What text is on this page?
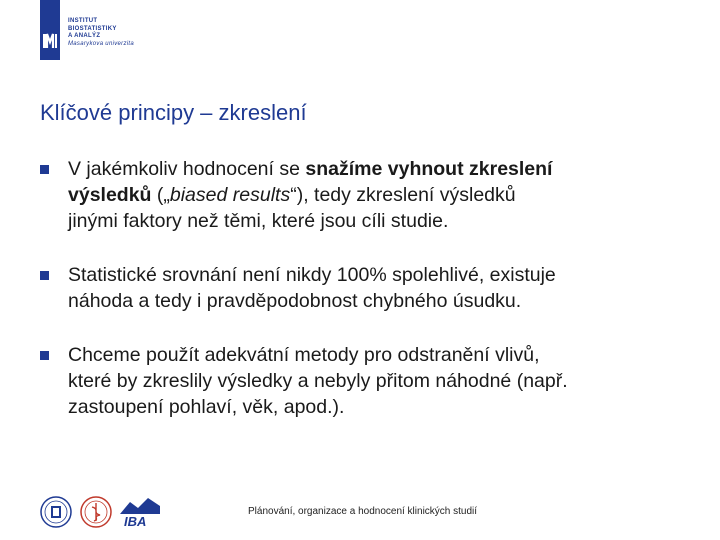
INSTITUT
BIOSTATISTIKY
A ANALÝZ
Masarykova univerzita
Klíčové principy – zkreslení
V jakémkoliv hodnocení se snažíme vyhnout zkreslení
výsledků („biased results“), tedy zkreslení výsledků
jinými faktory než těmi, které jsou cíli studie.
Statistické srovnání není nikdy 100% spolehlivé, existuje
náhoda a tedy i pravděpodobnost chybného úsudku.
Chceme použít adekvátní metody pro odstranění vlivů,
které by zkreslily výsledky a nebyly přitom náhodné (např.
zastoupení pohlaví, věk, apod.).
IBA
Plánování, organizace a hodnocení klinických studií
